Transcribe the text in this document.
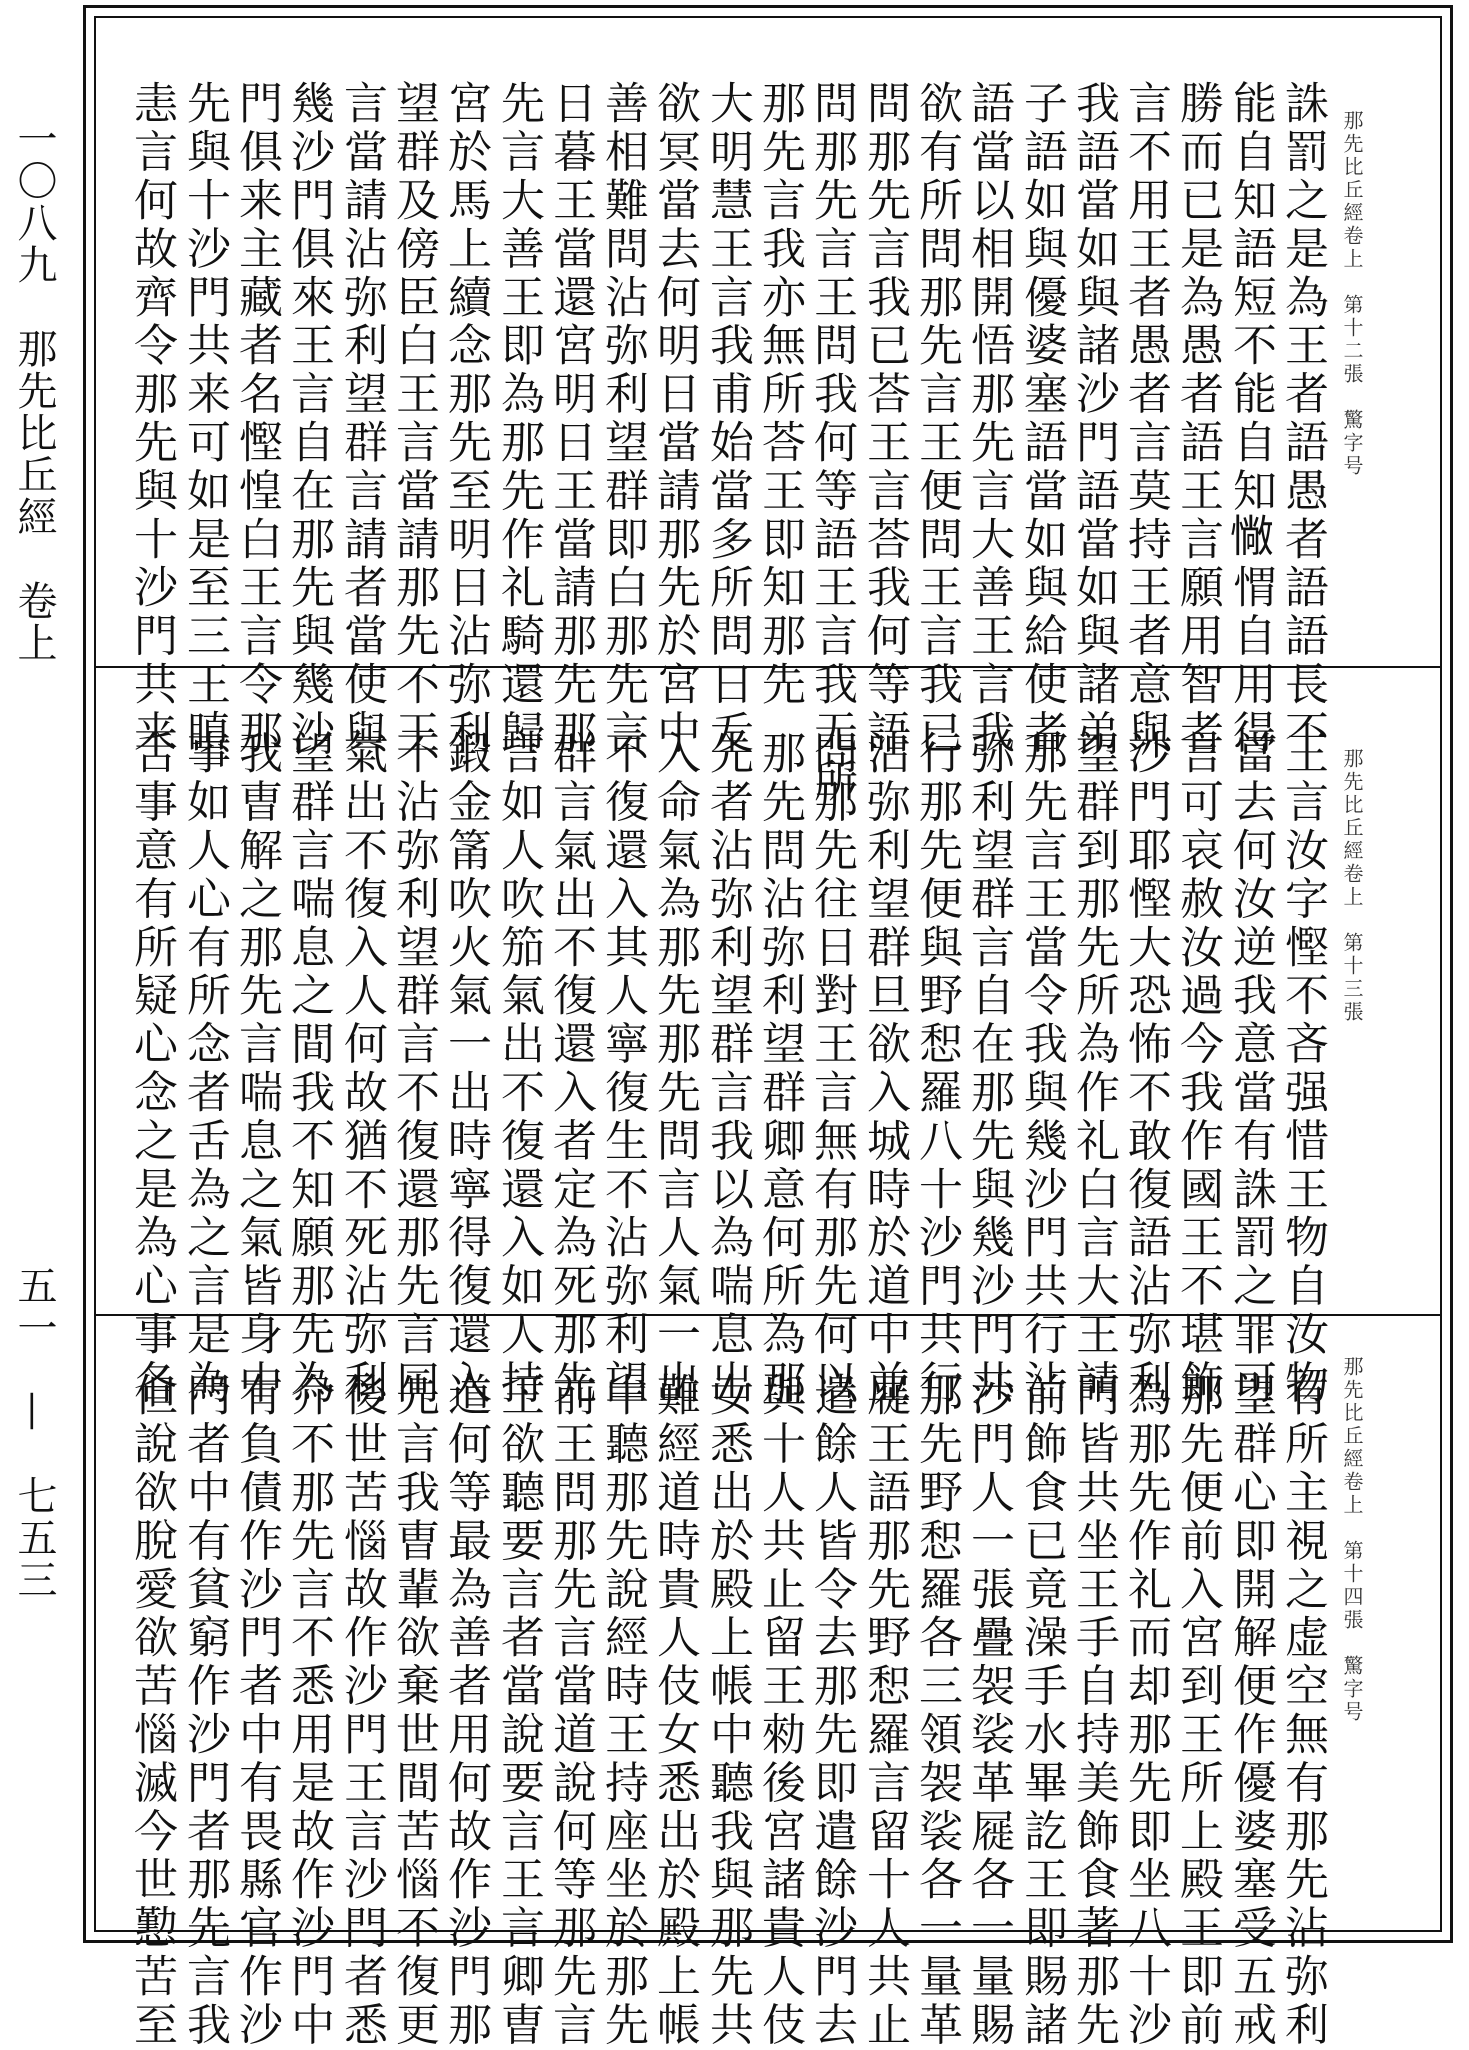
一〇八九　那先比丘經　卷上
五一　—　七五三
那先比丘經卷上　第十二張　驚字号
誅罰之是為王者語愚者語語長不
能自知語短不能自知𢠵㥜自用得
勝而已是為愚者語王言願用智者
言不用王者愚者言莫持王者意與
我語當如與諸沙門語當如與諸弟
子語如與優婆塞語當如與給使者
語當以相開悟那先言大善王言我
欲有所問那先言王便問王言我已
問那先言我已荅王言荅我何等語
問那先言王問我何等語王言我无所
那先言我亦無所荅王即知那先
大明慧王言我甫始當多所問日叐
欲冥當去何明日當請那先於宮中
善相難問沾弥利望群即白那先言
日暮王當還宮明日王當請那先那
先言大善王即為那先作礼騎還歸
宮於馬上續念那先至明日沾弥利
望群及傍臣白王言當請那先不王
言當請沾弥利望群言請者當使與
幾沙門俱來王言自在那先與幾沙
門俱来主藏者名慳惶白王言令那
先與十沙門共来可如是至三王瞋
恚言何故齊令那先與十沙門共来
那先比丘經卷上　第十三張
王言汝字慳不吝强惜王物自汝物
當去何汝逆我意當有誅罰之罪可
言可哀赦汝過今我作國王不堪飾
沙門耶慳大恐怖不敢復語沾弥利
望群到那先所為作礼白言大王請
那先言王當令我與幾沙門共行沾
弥利望群言自在那先與幾沙門共
行那先便與野惒羅八十沙門共行
沾弥利望群旦欲入城時於道中並
問那先往日對王言無有那先何以
那先問沾弥利望群卿意何所為那
先者沾弥利望群言我以為喘息出
入命氣為那先那先問言人氣一出
不復還入其人寧復生不沾弥利望
群言氣出不復還入者定為死那先
言如人吹笳氣出不復還入如人持
鍛金筩吹火氣一出時寧得復還入
不沾弥利望群言不復還那先言同
氣出不復入人何故猶不死沾弥利
望群言喘息之間我不知願那先為
我曺解之那先言喘息之氣皆身中
事如人心有所念者舌為之言是為
舌事意有所疑心念之是為心事各
那先比丘經卷上　第十四張　驚字号
有所主視之虚空無有那先沾弥利
望群心即開解便作優婆塞受五戒
那先便前入宮到王所上殿王即前
為那先作礼而却那先即坐八十沙
門皆共坐王手自持美飾食著那先
前飾食已竟澡手水畢訖王即賜諸
沙門人一張疊袈裟革屣各一量賜
那先野惒羅各三領袈裟各一量革
屣王語那先野惒羅言留十人共止
遣餘人皆令去那先即遣餘沙門去
與十人共止留王勑後宮諸貴人伎
女悉出於殿上帳中聽我與那先共
難經道時貴人伎女悉出於殿上帳
中聽那先說經時王持座坐於那先
前王問那先言當道說何等那先言
王欲聽要言者當說要言王言卿曺
道何等最為善者用何故作沙門那
先言我曺輩欲棄世間苦惱不復更
後世苦惱故作沙門王言沙門者悉
介不那先言不悉用是故作沙門中
有負債作沙門者中有畏縣官作沙
門者中有貧窮作沙門者那先言我
但說欲脫愛欲苦惱滅今世懃苦至
